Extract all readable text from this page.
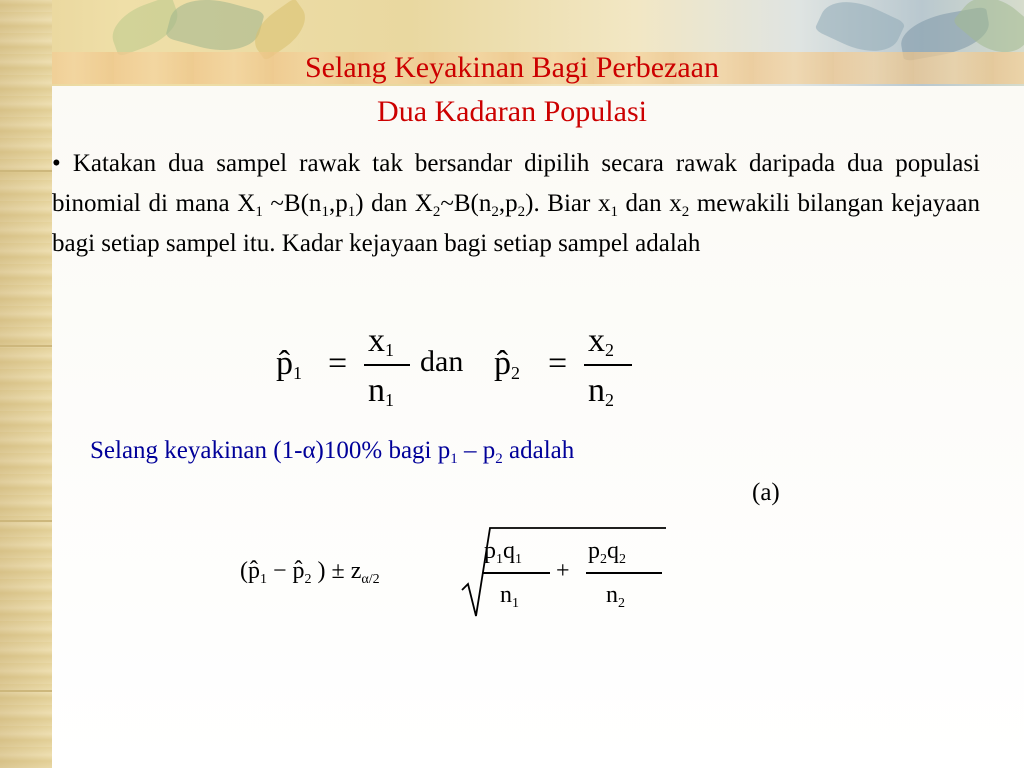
Selang Keyakinan Bagi Perbezaan
Dua Kadaran Populasi
• Katakan dua sampel rawak tak bersandar dipilih secara rawak daripada dua populasi binomial di mana $X_1$ $\sim B(n_1,p_1)$ dan $X_2\sim B(n_2,p_2)$. Biar $x_1$ dan $x_2$ mewakili bilangan kejayaan bagi setiap sampel itu. Kadar kejayaan bagi setiap sampel adalah
$p̂_1$ =
$x_1$
$n_1$
dan $p̂_2$ =
$x_2$
$n_2$
Selang keyakinan (1-α)100% bagi $p_1 - p_2$ adalah
(a)
($p̂_1$ − $p̂_2$ ) ± $z_{\alpha/2}$
$p_1q_1$
$n_1$
+
$p_2q_2$
$n_2$
